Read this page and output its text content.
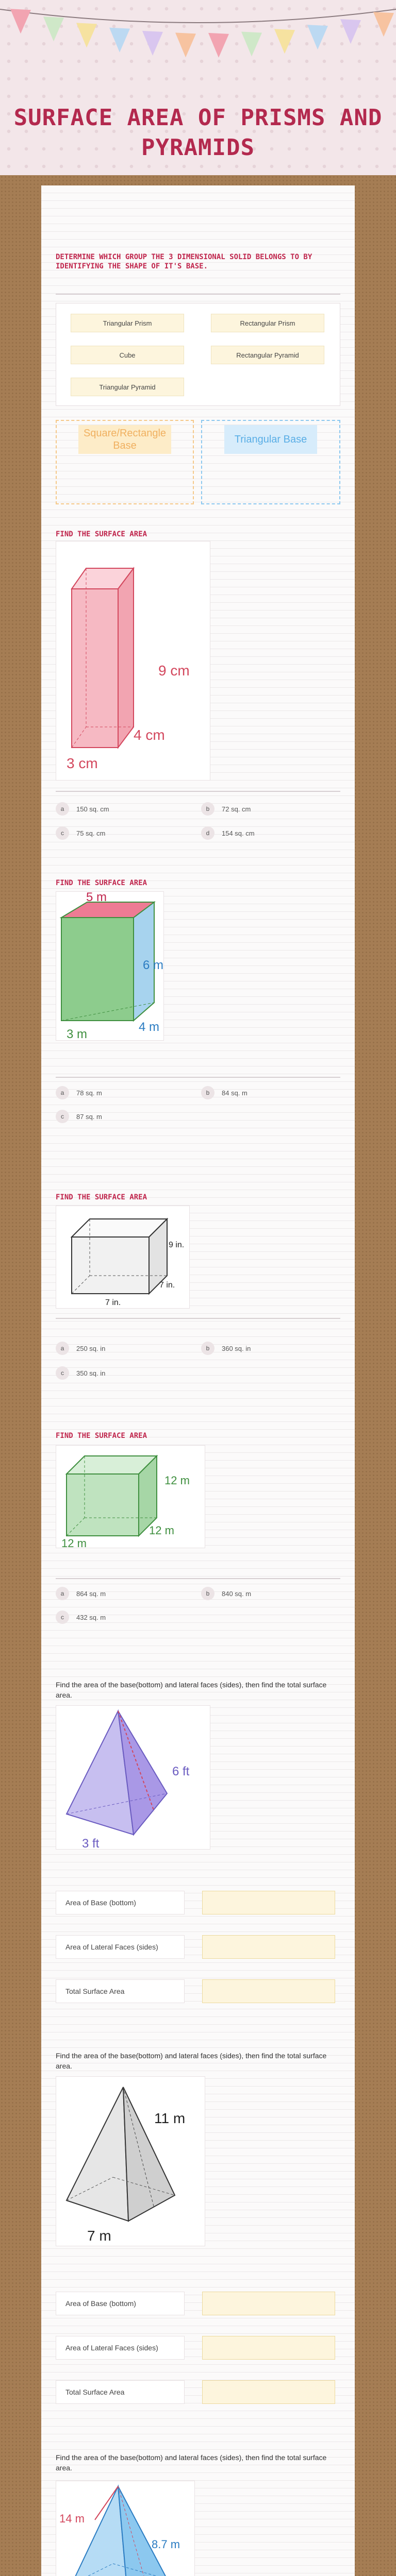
SURFACE AREA OF PRISMS AND PYRAMIDS
DETERMINE WHICH GROUP THE 3 DIMENSIONAL SOLID BELONGS TO BY IDENTIFYING THE SHAPE OF IT'S BASE.
Triangular Prism	Rectangular Prism
Cube	Rectangular Pyramid
Triangular Pyramid
Square/Rectangle Base
Triangular Base
FIND THE SURFACE AREA
9 cm
4 cm
3 cm
a	150 sq. cm	b	72 sq. cm
c	75 sq. cm	d	154 sq. cm
FIND THE SURFACE AREA
5 m
6 m
4 m
3 m
a	78 sq. m	b	84 sq. m
c	87 sq. m
FIND THE SURFACE AREA
9 in.
7 in.
7 in.
a	250 sq. in	b	360 sq. in
c	350 sq. in
FIND THE SURFACE AREA
12 m
12 m
12 m
a	864 sq. m	b	840 sq. m
c	432 sq. m
Find the area of the base(bottom) and lateral faces (sides), then find the total surface area.
6 ft
3 ft
Area of Base (bottom)
Area of Lateral Faces (sides)
Total Surface Area
Find the area of the base(bottom) and lateral faces (sides), then find the total surface area.
11 m
7 m
Area of Base (bottom)
Area of Lateral Faces (sides)
Total Surface Area
Find the area of the base(bottom) and lateral faces (sides), then find the total surface area.
14 m
8.7 m
